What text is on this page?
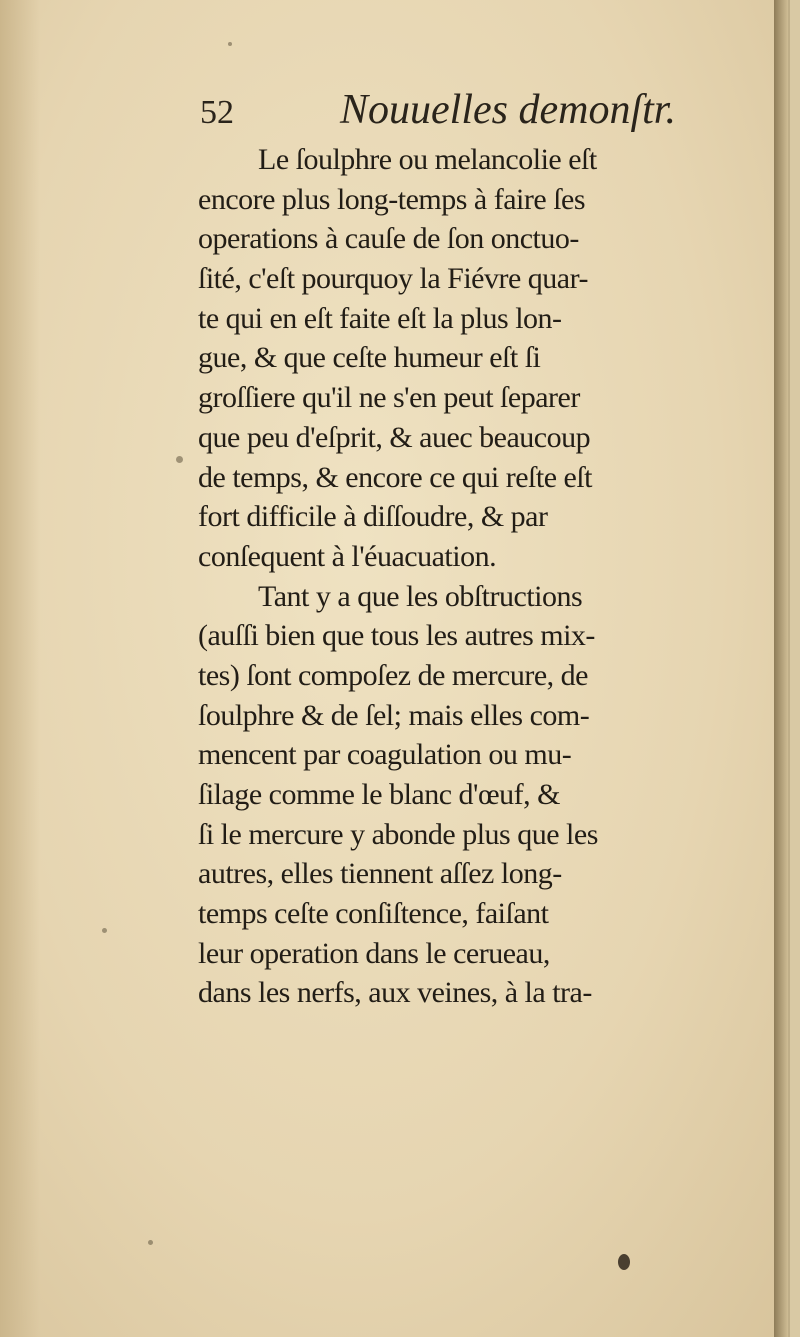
52	Nouuelles demonſtr.
Le ſoulphre ou melancolie eſt
encore plus long-temps à faire ſes
operations à cauſe de ſon onctuo-
ſité, c'eſt pourquoy la Fiévre quar-
te qui en eſt faite eſt la plus lon-
gue, & que ceſte humeur eſt ſi
groſſiere qu'il ne s'en peut ſeparer
que peu d'eſprit, & auec beaucoup
de temps, & encore ce qui reſte eſt
fort difficile à diſſoudre, & par
conſequent à l'éuacuation.
Tant y a que les obſtructions
(auſſi bien que tous les autres mix-
tes) ſont compoſez de mercure, de
ſoulphre & de ſel; mais elles com-
mencent par coagulation ou mu-
ſilage comme le blanc d'œuf, &
ſi le mercure y abonde plus que les
autres, elles tiennent aſſez long-
temps ceſte conſiſtence, faiſant
leur operation dans le cerueau,
dans les nerfs, aux veines, à la tra-
